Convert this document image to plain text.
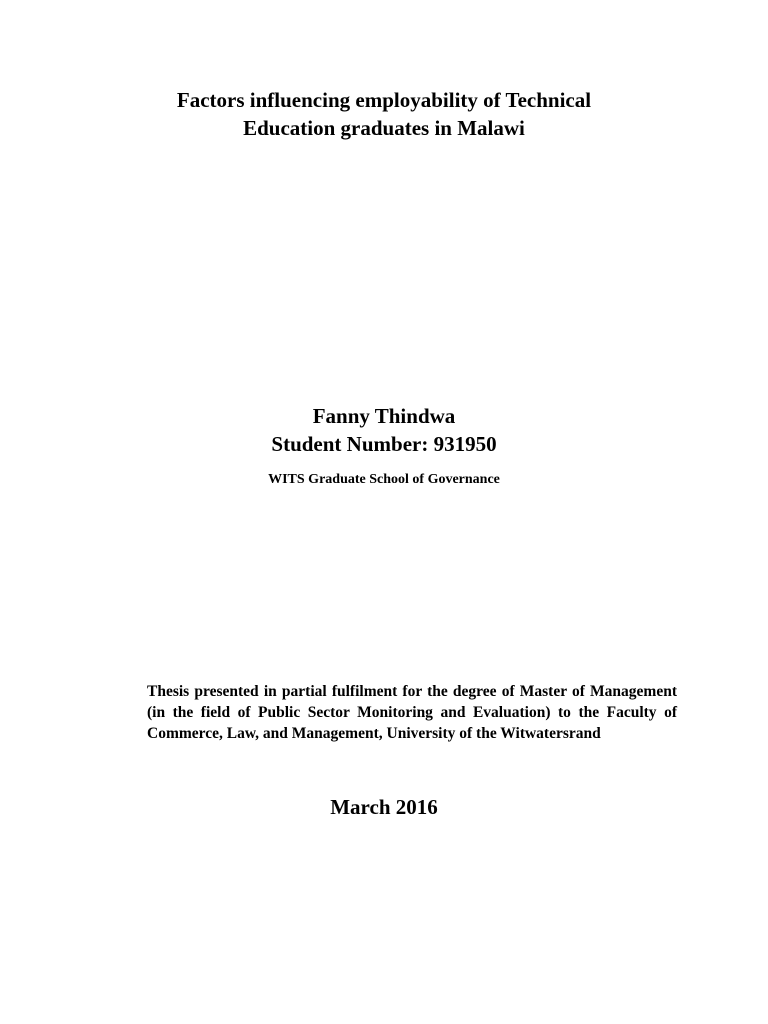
Factors influencing employability of Technical
Education graduates in Malawi
Fanny Thindwa
Student Number: 931950
WITS Graduate School of Governance

Thesis presented in partial fulfilment for the degree of Master of Management (in the field of Public Sector Monitoring and Evaluation) to the Faculty of Commerce, Law, and Management, University of the Witwatersrand

March 2016
